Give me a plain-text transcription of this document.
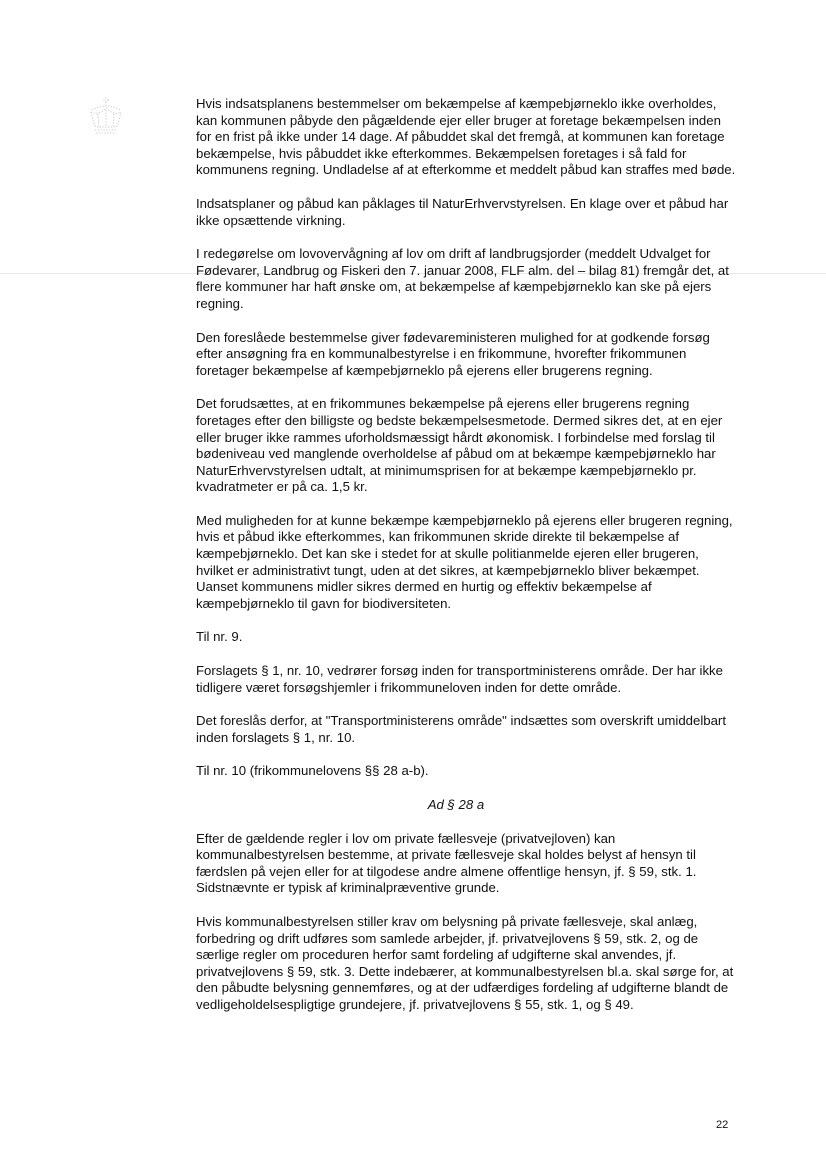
Hvis indsatsplanens bestemmelser om bekæmpelse af kæmpebjørneklo ikke overholdes, kan kommunen påbyde den pågældende ejer eller bruger at foretage bekæmpelsen inden for en frist på ikke under 14 dage. Af påbuddet skal det fremgå, at kommunen kan foretage bekæmpelse, hvis påbuddet ikke efterkommes. Bekæmpelsen foretages i så fald for kommunens regning. Undladelse af at efterkomme et meddelt påbud kan straffes med bøde.

Indsatsplaner og påbud kan påklages til NaturErhvervstyrelsen. En klage over et påbud har ikke opsættende virkning.

I redegørelse om lovovervågning af lov om drift af landbrugsjorder (meddelt Udvalget for Fødevarer, Landbrug og Fiskeri den 7. januar 2008, FLF alm. del – bilag 81) fremgår det, at flere kommuner har haft ønske om, at bekæmpelse af kæmpebjørneklo kan ske på ejers regning.

Den foreslåede bestemmelse giver fødevareministeren mulighed for at godkende forsøg efter ansøgning fra en kommunalbestyrelse i en frikommune, hvorefter frikommunen foretager bekæmpelse af kæmpebjørneklo på ejerens eller brugerens regning.

Det forudsættes, at en frikommunes bekæmpelse på ejerens eller brugerens regning foretages efter den billigste og bedste bekæmpelsesmetode. Dermed sikres det, at en ejer eller bruger ikke rammes uforholdsmæssigt hårdt økonomisk. I forbindelse med forslag til bødeniveau ved manglende overholdelse af påbud om at bekæmpe kæmpebjørneklo har NaturErhvervstyrelsen udtalt, at minimumsprisen for at bekæmpe kæmpebjørneklo pr. kvadratmeter er på ca. 1,5 kr.

Med muligheden for at kunne bekæmpe kæmpebjørneklo på ejerens eller brugeren regning, hvis et påbud ikke efterkommes, kan frikommunen skride direkte til bekæmpelse af kæmpebjørneklo. Det kan ske i stedet for at skulle politianmelde ejeren eller brugeren, hvilket er administrativt tungt, uden at det sikres, at kæmpebjørneklo bliver bekæmpet. Uanset kommunens midler sikres dermed en hurtig og effektiv bekæmpelse af kæmpebjørneklo til gavn for biodiversiteten.

Til nr. 9.

Forslagets § 1, nr. 10, vedrører forsøg inden for transportministerens område. Der har ikke tidligere været forsøgshjemler i frikommuneloven inden for dette område.

Det foreslås derfor, at "Transportministerens område" indsættes som overskrift umiddelbart inden forslagets § 1, nr. 10.

Til nr. 10 (frikommunelovens §§ 28 a-b).

Ad § 28 a

Efter de gældende regler i lov om private fællesveje (privatvejloven) kan kommunalbestyrelsen bestemme, at private fællesveje skal holdes belyst af hensyn til færdslen på vejen eller for at tilgodese andre almene offentlige hensyn, jf. § 59, stk. 1. Sidstnævnte er typisk af kriminalpræventive grunde.

Hvis kommunalbestyrelsen stiller krav om belysning på private fællesveje, skal anlæg, forbedring og drift udføres som samlede arbejder, jf. privatvejlovens § 59, stk. 2, og de særlige regler om proceduren herfor samt fordeling af udgifterne skal anvendes, jf. privatvejlovens § 59, stk. 3. Dette indebærer, at kommunalbestyrelsen bl.a. skal sørge for, at den påbudte belysning gennemføres, og at der udfærdiges fordeling af udgifterne blandt de vedligeholdelsespligtige grundejere, jf. privatvejlovens § 55, stk. 1, og § 49.

22
